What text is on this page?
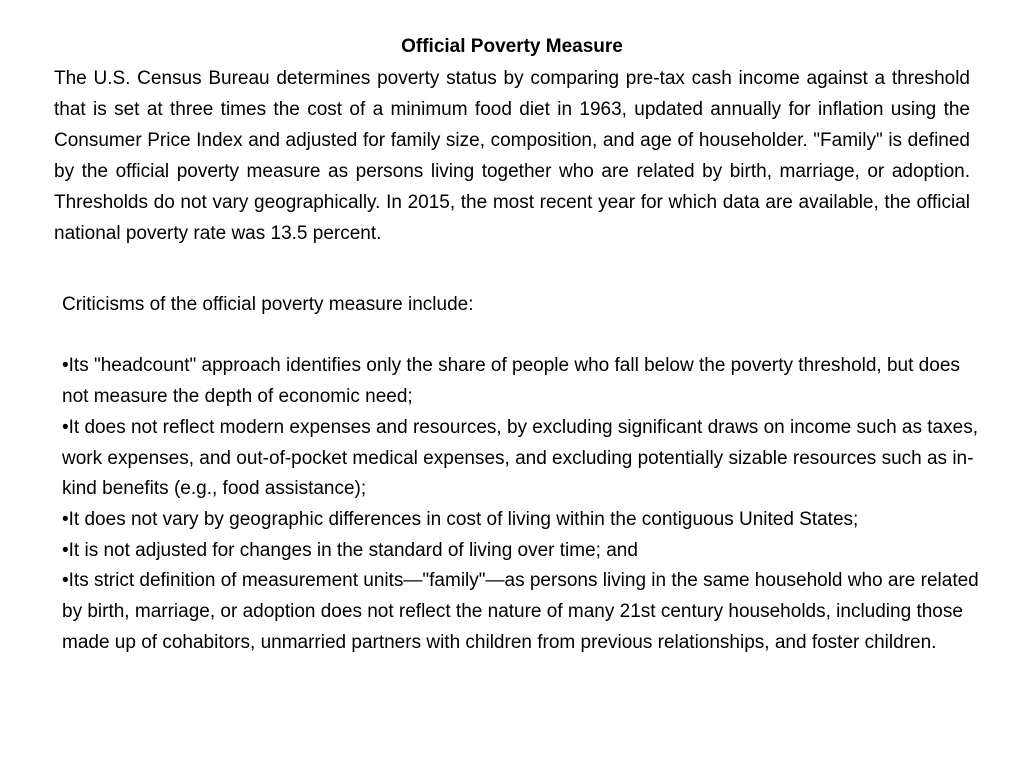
Official Poverty Measure

The U.S. Census Bureau determines poverty status by comparing pre-tax cash income against a threshold that is set at three times the cost of a minimum food diet in 1963, updated annually for inflation using the Consumer Price Index and adjusted for family size, composition, and age of householder. "Family" is defined by the official poverty measure as persons living together who are related by birth, marriage, or adoption. Thresholds do not vary geographically. In 2015, the most recent year for which data are available, the official national poverty rate was 13.5 percent.

Criticisms of the official poverty measure include:

•Its "headcount" approach identifies only the share of people who fall below the poverty threshold, but does not measure the depth of economic need;
•It does not reflect modern expenses and resources, by excluding significant draws on income such as taxes, work expenses, and out-of-pocket medical expenses, and excluding potentially sizable resources such as in-kind benefits (e.g., food assistance);
•It does not vary by geographic differences in cost of living within the contiguous United States;
•It is not adjusted for changes in the standard of living over time; and
•Its strict definition of measurement units—"family"—as persons living in the same household who are related by birth, marriage, or adoption does not reflect the nature of many 21st century households, including those made up of cohabitors, unmarried partners with children from previous relationships, and foster children.
